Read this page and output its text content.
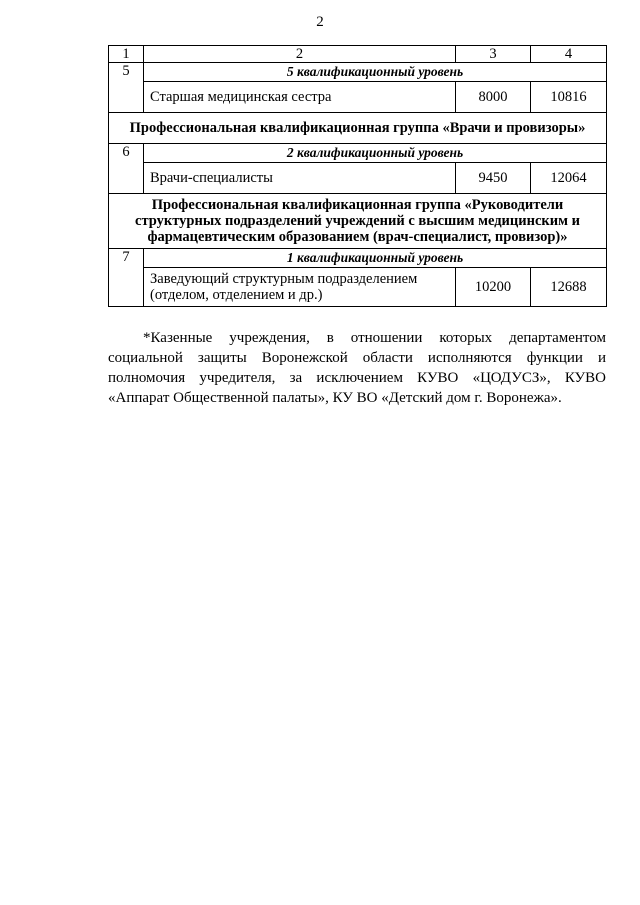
2
1	2	3	4
5	5 квалификационный уровень		
	Старшая медицинская сестра	8000	10816
Профессиональная квалификационная группа «Врачи и провизоры»			
6	2 квалификационный уровень		
	Врачи-специалисты	9450	12064
Профессиональная квалификационная группа «Руководители структурных подразделений учреждений с высшим медицинским и фармацевтическим образованием (врач-специалист, провизор)»			
7	1 квалификационный уровень		
	Заведующий структурным подразделением (отделом, отделением и др.)	10200	12688
*Казенные учреждения, в отношении которых департаментом социальной защиты Воронежской области исполняются функции и полномочия учредителя, за исключением КУВО «ЦОДУСЗ», КУВО «Аппарат Общественной палаты», КУ ВО «Детский дом г. Воронежа».
